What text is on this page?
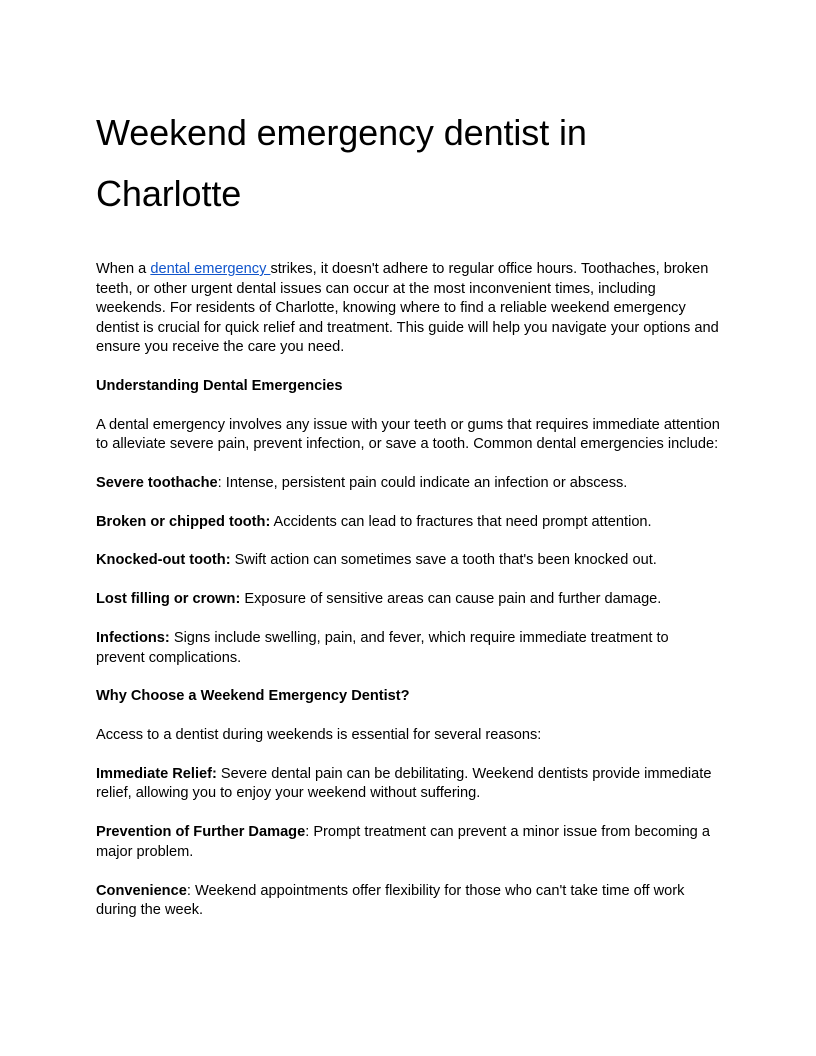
Weekend emergency dentist in Charlotte

When a dental emergency strikes, it doesn't adhere to regular office hours. Toothaches, broken teeth, or other urgent dental issues can occur at the most inconvenient times, including weekends. For residents of Charlotte, knowing where to find a reliable weekend emergency dentist is crucial for quick relief and treatment. This guide will help you navigate your options and ensure you receive the care you need.

Understanding Dental Emergencies

A dental emergency involves any issue with your teeth or gums that requires immediate attention to alleviate severe pain, prevent infection, or save a tooth. Common dental emergencies include:

Severe toothache: Intense, persistent pain could indicate an infection or abscess.

Broken or chipped tooth: Accidents can lead to fractures that need prompt attention.

Knocked-out tooth: Swift action can sometimes save a tooth that's been knocked out.

Lost filling or crown: Exposure of sensitive areas can cause pain and further damage.

Infections: Signs include swelling, pain, and fever, which require immediate treatment to prevent complications.

Why Choose a Weekend Emergency Dentist?

Access to a dentist during weekends is essential for several reasons:

Immediate Relief: Severe dental pain can be debilitating. Weekend dentists provide immediate relief, allowing you to enjoy your weekend without suffering.

Prevention of Further Damage: Prompt treatment can prevent a minor issue from becoming a major problem.

Convenience: Weekend appointments offer flexibility for those who can't take time off work during the week.
